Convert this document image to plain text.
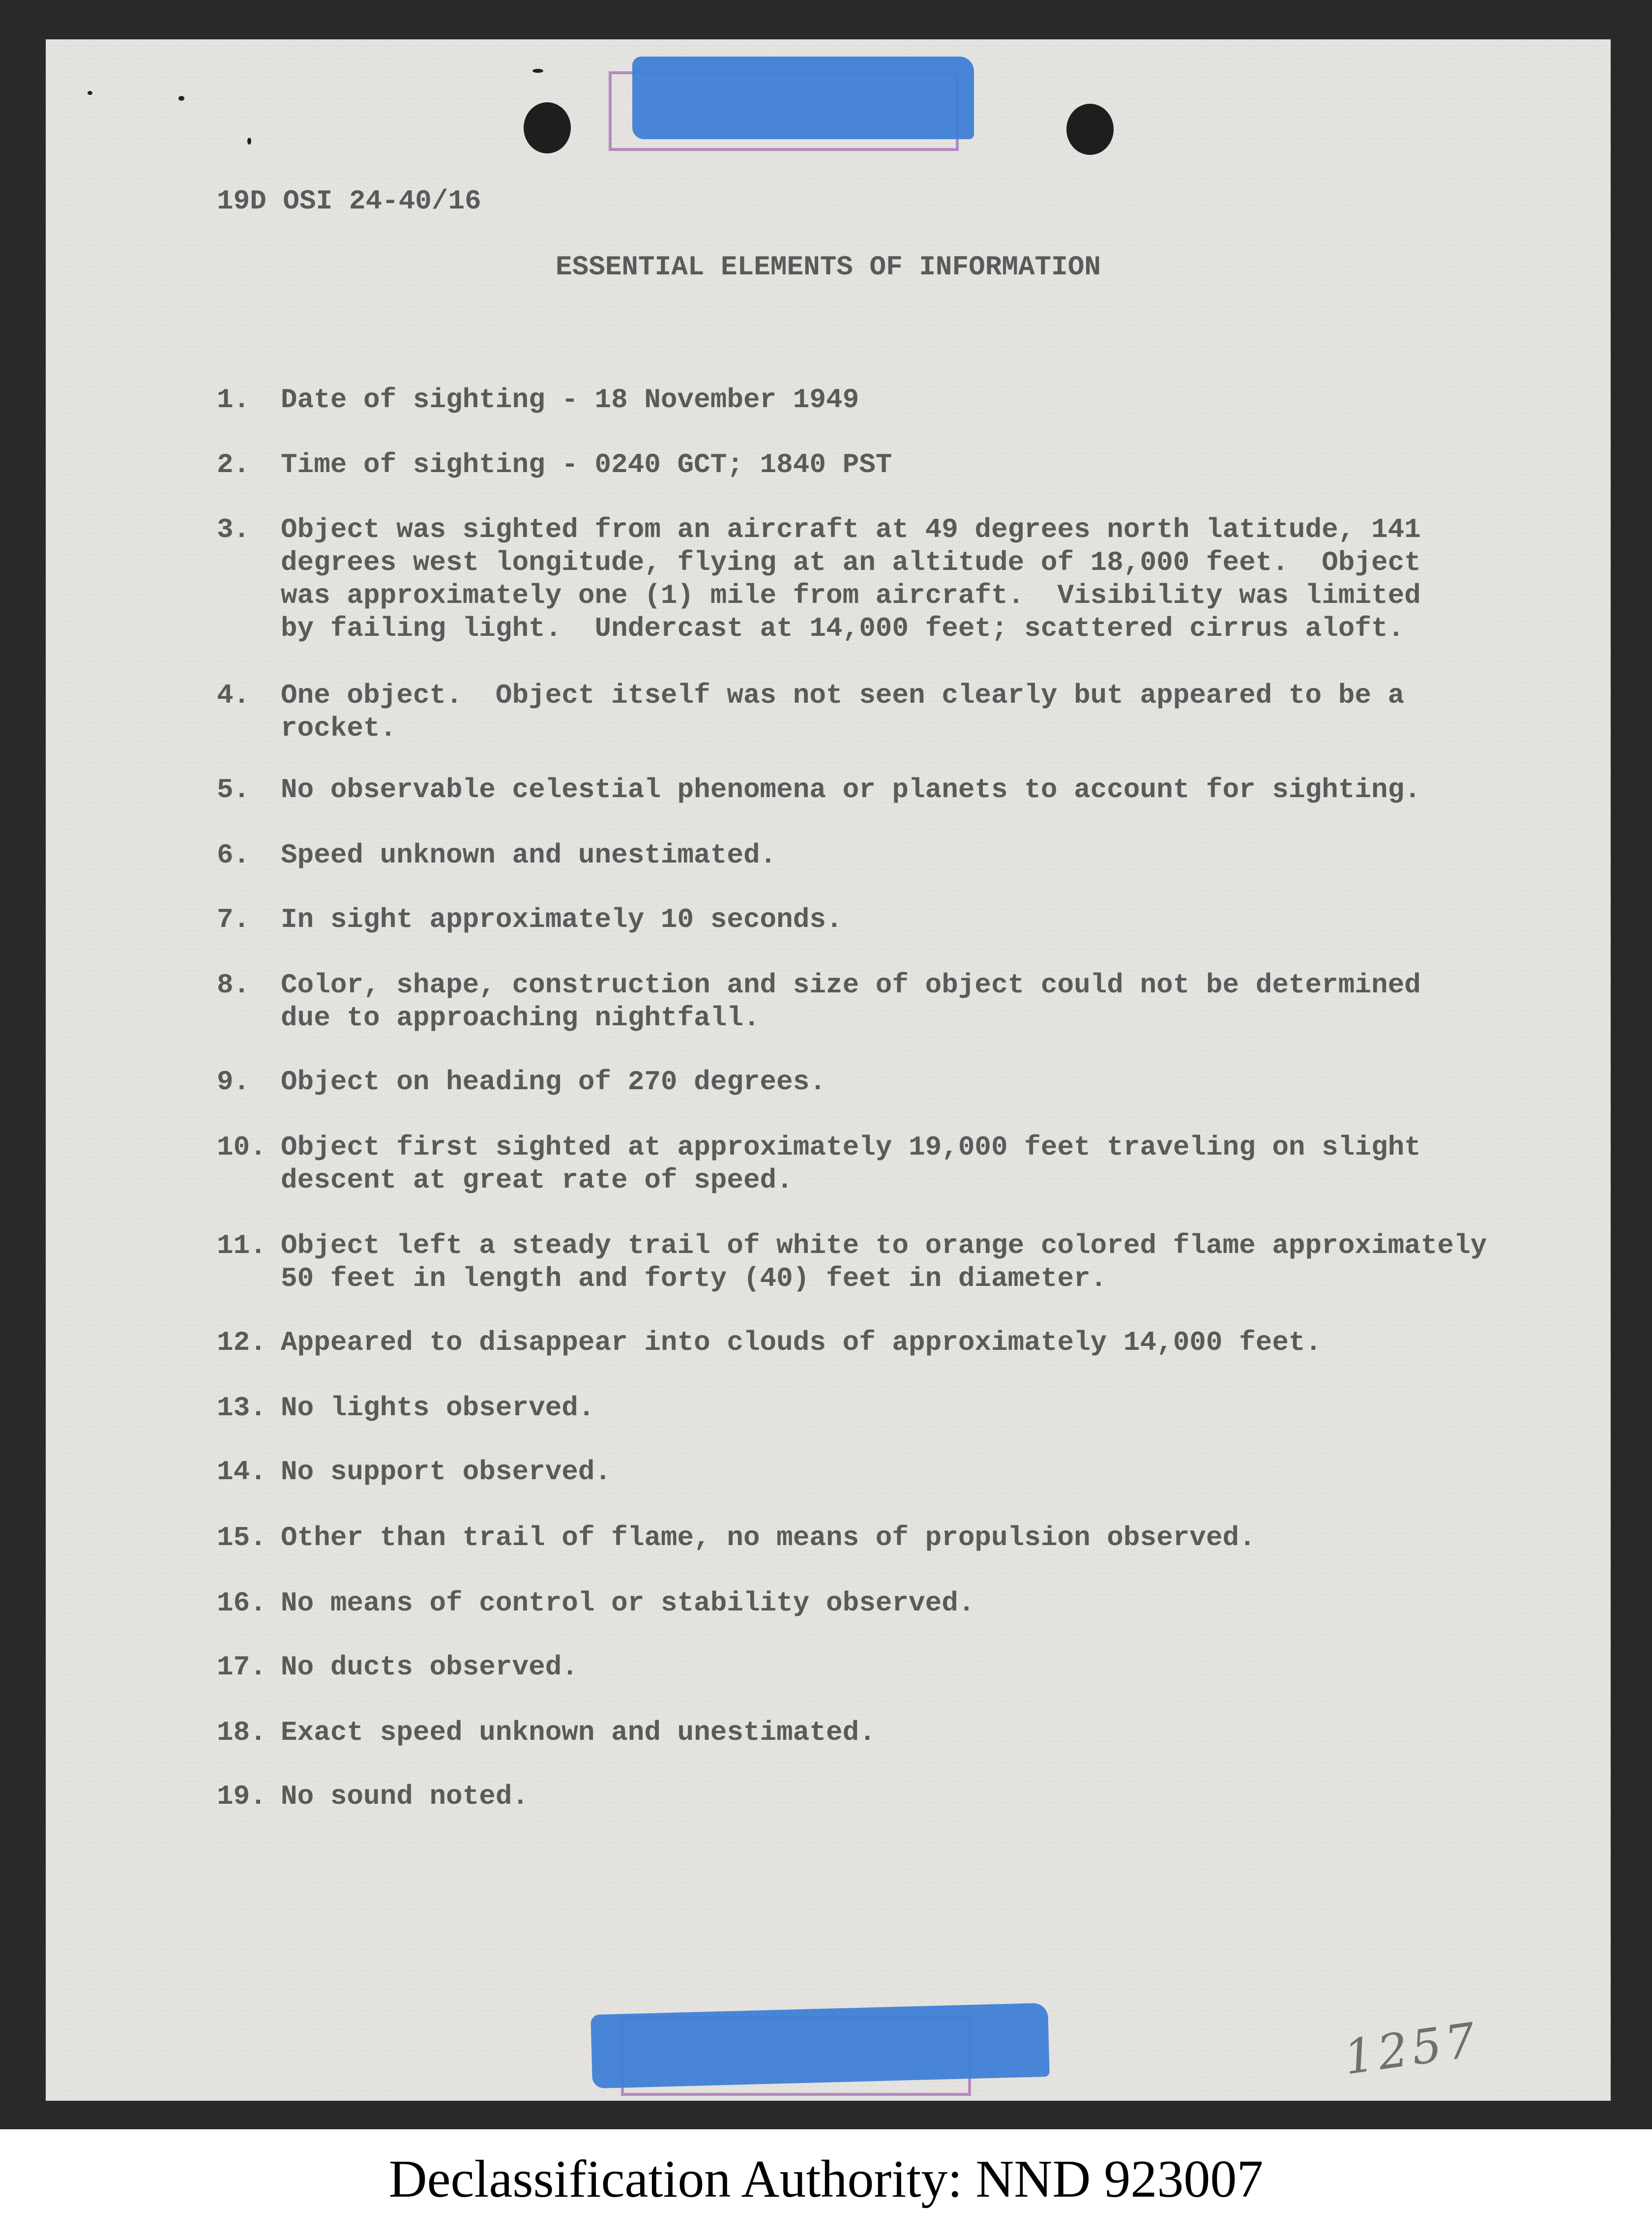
19D OSI 24-40/16
ESSENTIAL ELEMENTS OF INFORMATION
1. Date of sighting - 18 November 1949
2. Time of sighting - 0240 GCT; 1840 PST
3. Object was sighted from an aircraft at 49 degrees north latitude, 141
degrees west longitude, flying at an altitude of 18,000 feet.  Object
was approximately one (1) mile from aircraft.  Visibility was limited
by failing light.  Undercast at 14,000 feet; scattered cirrus aloft.
4. One object.  Object itself was not seen clearly but appeared to be a
rocket.
5. No observable celestial phenomena or planets to account for sighting.
6. Speed unknown and unestimated.
7. In sight approximately 10 seconds.
8. Color, shape, construction and size of object could not be determined
due to approaching nightfall.
9. Object on heading of 270 degrees.
10. Object first sighted at approximately 19,000 feet traveling on slight
descent at great rate of speed.
11. Object left a steady trail of white to orange colored flame approximately
50 feet in length and forty (40) feet in diameter.
12. Appeared to disappear into clouds of approximately 14,000 feet.
13. No lights observed.
14. No support observed.
15. Other than trail of flame, no means of propulsion observed.
16. No means of control or stability observed.
17. No ducts observed.
18. Exact speed unknown and unestimated.
19. No sound noted.
1257
Declassification Authority: NND 923007
